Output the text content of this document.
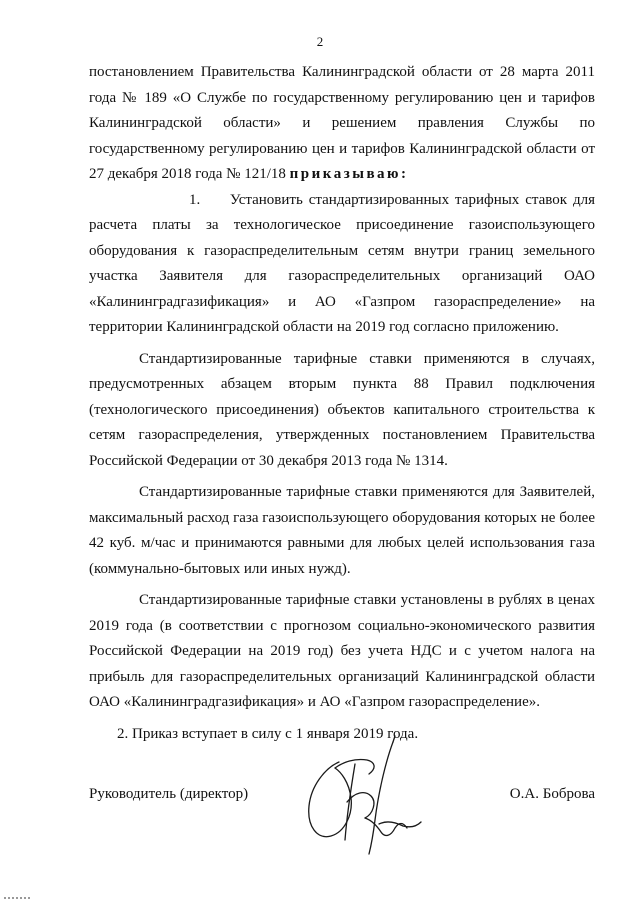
2

постановлением Правительства Калининградской области от 28 марта 2011 года № 189 «О Службе по государственному регулированию цен и тарифов Калининградской области» и решением правления Службы по государственному регулированию цен и тарифов Калининградской области от 27 декабря 2018 года № 121/18 приказываю:

1. Установить стандартизированных тарифных ставок для расчета платы за технологическое присоединение газоиспользующего оборудования к газораспределительным сетям внутри границ земельного участка Заявителя для газораспределительных организаций ОАО «Калининградгазификация» и АО «Газпром газораспределение» на территории Калининградской области на 2019 год согласно приложению.

Стандартизированные тарифные ставки применяются в случаях, предусмотренных абзацем вторым пункта 88 Правил подключения (технологического присоединения) объектов капитального строительства к сетям газораспределения, утвержденных постановлением Правительства Российской Федерации от 30 декабря 2013 года № 1314.

Стандартизированные тарифные ставки применяются для Заявителей, максимальный расход газа газоиспользующего оборудования которых не более 42 куб. м/час и принимаются равными для любых целей использования газа (коммунально-бытовых или иных нужд).

Стандартизированные тарифные ставки установлены в рублях в ценах 2019 года (в соответствии с прогнозом социально-экономического развития Российской Федерации на 2019 год) без учета НДС и с учетом налога на прибыль для газораспределительных организаций Калининградской области ОАО «Калининградгазификация» и АО «Газпром газораспределение».

2. Приказ вступает в силу с 1 января 2019 года.

Руководитель (директор)	О.А. Боброва
